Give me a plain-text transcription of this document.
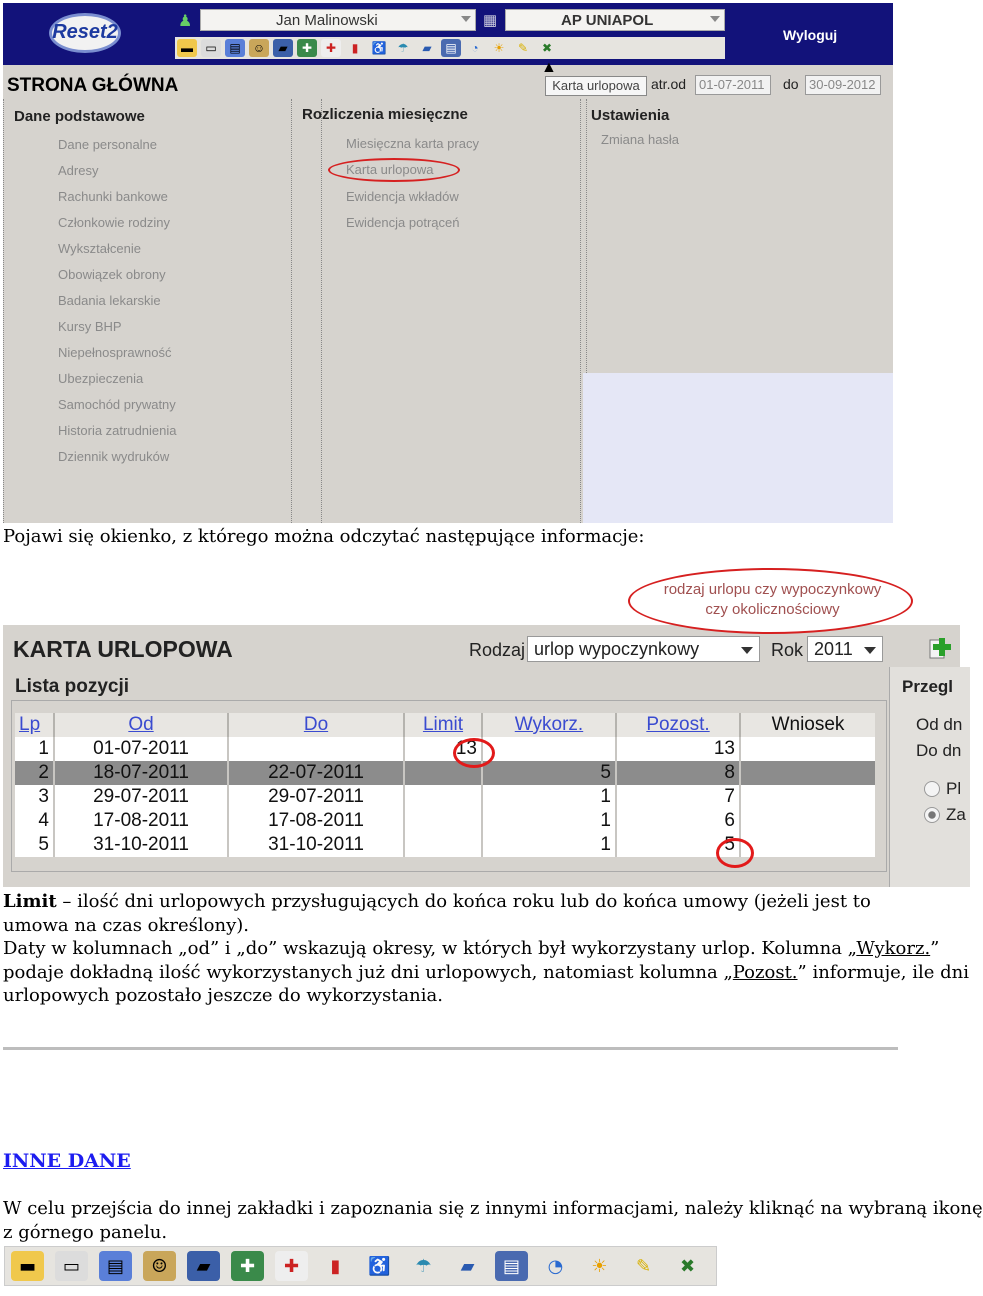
Reset2	♟	Jan Malinowski	▦	AP UNIAPOL
▬	▭	▤	☺	▰	✚	✚	▮	♿ ☂	▰	▤	◔	☀	✎	✖
Wyloguj
▲
STRONA GŁÓWNA	Karta urlopowa atr.od 01-07-2011	do 30-09-2012
Dane podstawowe
Dane personalne
Adresy
Rachunki bankowe
Członkowie rodziny
Wykształcenie
Obowiązek obrony
Badania lekarskie
Kursy BHP
Niepełnosprawność
Ubezpieczenia
Samochód prywatny
Historia zatrudnienia
Dziennik wydruków
Rozliczenia miesięczne
Miesięczna karta pracy
Karta urlopowa
Ewidencja wkładów
Ewidencja potrąceń
Ustawienia
Zmiana hasła
Pojawi się okienko, z którego można odczytać następujące informacje:
rodzaj urlopu czy wypoczynkowy
czy okolicznościowy
KARTA URLOPOWA	Rodzaj urlop wypoczynkowy	Rok 2011
Lista pozycji
Lp	Od	Do	Limit	Wykorz.	Pozost.	Wniosek
1	01-07-2011		13		13	
2	18-07-2011	22-07-2011		5	8	
3	29-07-2011	29-07-2011		1	7	
4	17-08-2011	17-08-2011		1	6	
5	31-10-2011	31-10-2011		1	5	
Przegl
Od dn
Do dn
Pl
Za
Limit – ilość dni urlopowych przysługujących do końca roku lub do końca umowy (jeżeli jest to umowa na czas określony).
Daty w kolumnach „od” i „do” wskazują okresy, w których był wykorzystany urlop. Kolumna „Wykorz.”
podaje dokładną ilość wykorzystanych już dni urlopowych, natomiast kolumna „Pozost.” informuje, ile dni
urlopowych pozostało jeszcze do wykorzystania.
INNE DANE
W celu przejścia do innej zakładki i zapoznania się z innymi informacjami, należy kliknąć na wybraną ikonę
z górnego panelu.
▬	▭	▤	☺	▰	✚	✚	▮	♿	☂	▰	▤	◔	☀	✎	✖
